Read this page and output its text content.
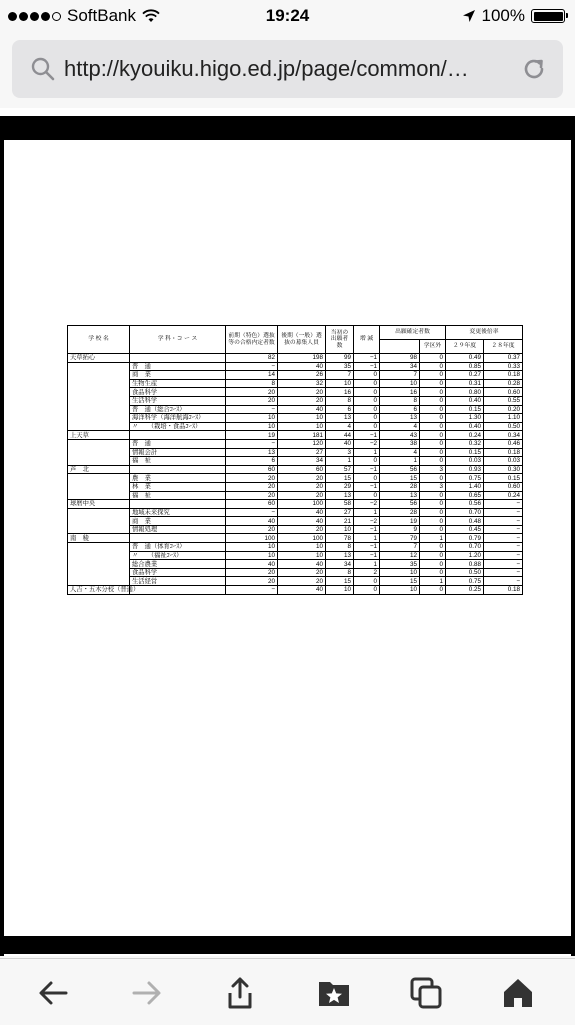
SoftBank	19:24	100%
http://kyouiku.higo.ed.jp/page/common/…
学 校 名	学 科・コ ー ス	前期（特色）選抜等の合格内定者数	後期（一般）選抜の募集人員	当初の出願者数	増 減	出願確定者数		変更後倍率	
							学区外	２９年度	２８年度
天草拓心		82	198	99	−1	98	0	0.49	0.37
	普　通	−	40	35	−1	34	0	0.85	0.33
	商　業	14	26	7	0	7	0	0.27	0.18
	生物生産	8	32	10	0	10	0	0.31	0.28
	食品科学	20	20	16	0	16	0	0.80	0.60
	生活科学	20	20	8	0	8	0	0.40	0.55
	普　通（総合ｺｰｽ）	−	40	6	0	6	0	0.15	0.20
	海洋科学（海洋航海ｺｰｽ）	10	10	13	0	13	0	1.30	1.10
	〃　　（栽培・食品ｺｰｽ）	10	10	4	0	4	0	0.40	0.50
上天草		19	181	44	−1	43	0	0.24	0.34
	普　通	−	120	40	−2	38	0	0.32	0.46
	情報会計	13	27	3	1	4	0	0.15	0.18
	福　祉	6	34	1	0	1	0	0.03	0.03
芦　北		60	60	57	−1	56	3	0.93	0.30
	農　業	20	20	15	0	15	0	0.75	0.15
	林　業	20	20	29	−1	28	3	1.40	0.60
	福　祉	20	20	13	0	13	0	0.65	0.24
球磨中央		60	100	58	−2	56	0	0.56	−
	地域未来探究	−	40	27	1	28	0	0.70	−
	商　業	40	40	21	−2	19	0	0.48	−
	情報処理	20	20	10	−1	9	0	0.45	−
南　稜		100	100	78	1	79	1	0.79	−
	普　通（体育ｺｰｽ）	10	10	8	−1	7	0	0.70	−
	〃　　（福祉ｺｰｽ）	10	10	13	−1	12	0	1.20	−
	総合農業	40	40	34	1	35	0	0.88	−
	食品科学	20	20	8	2	10	0	0.50	−
	生活経営	20	20	15	0	15	1	0.75	−
人吉・五木分校（普通）		−	40	10	0	10	0	0.25	0.18
